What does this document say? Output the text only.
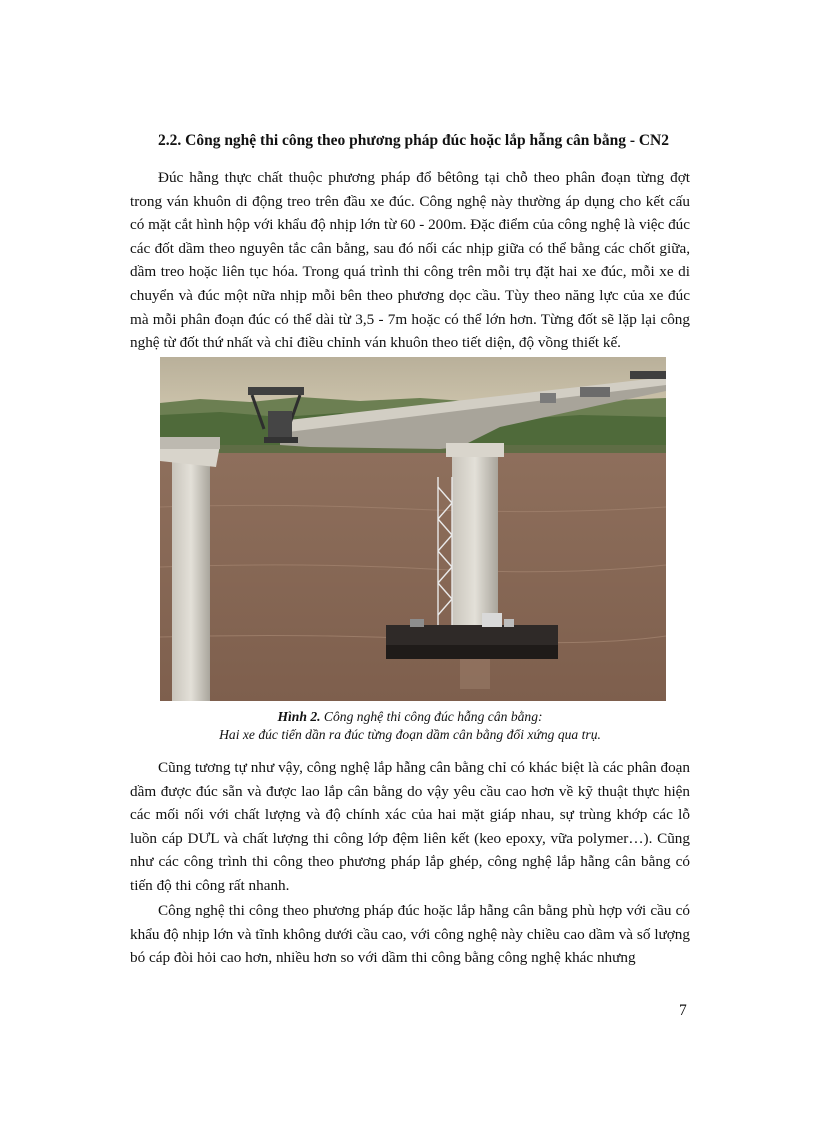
2.2. Công nghệ thi công theo phương pháp đúc hoặc lắp hẫng cân bằng - CN2

Đúc hẫng thực chất thuộc phương pháp đổ bêtông tại chỗ theo phân đoạn từng đợt trong ván khuôn di động treo trên đầu xe đúc. Công nghệ này thường áp dụng cho kết cấu có mặt cắt hình hộp với khẩu độ nhịp lớn từ 60 - 200m. Đặc điểm của công nghệ là việc đúc các đốt dầm theo nguyên tắc cân bằng, sau đó nối các nhịp giữa có thể bằng các chốt giữa, dầm treo hoặc liên tục hóa. Trong quá trình thi công trên mỗi trụ đặt hai xe đúc, mỗi xe di chuyển và đúc một nữa nhịp mỗi bên theo phương dọc cầu. Tùy theo năng lực của xe đúc mà mỗi phân đoạn đúc có thể dài từ 3,5 - 7m hoặc có thể lớn hơn. Từng đốt sẽ lặp lại công nghệ từ đốt thứ nhất và chỉ điều chỉnh ván khuôn theo tiết diện, độ vồng thiết kế.

Hình 2. Công nghệ thi công đúc hẫng cân bằng:
Hai xe đúc tiến dần ra đúc từng đoạn dầm cân bằng đối xứng qua trụ.

Cũng tương tự như vậy, công nghệ lắp hẫng cân bằng chỉ có khác biệt là các phân đoạn dầm được đúc sẵn và được lao lắp cân bằng do vậy yêu cầu cao hơn về kỹ thuật thực hiện các mối nối với chất lượng và độ chính xác của hai mặt giáp nhau, sự trùng khớp các lỗ luồn cáp DƯL và chất lượng thi công lớp đệm liên kết (keo epoxy, vữa polymer…). Cũng như các công trình thi công theo phương pháp lắp ghép, công nghệ lắp hẫng cân bằng có tiến độ thi công rất nhanh.

Công nghệ thi công theo phương pháp đúc hoặc lắp hẫng cân bằng phù hợp với cầu có khẩu độ nhịp lớn và tĩnh không dưới cầu cao, với công nghệ này chiều cao dầm và số lượng bó cáp đòi hỏi cao hơn, nhiều hơn so với dầm thi công bằng công nghệ khác nhưng

7
